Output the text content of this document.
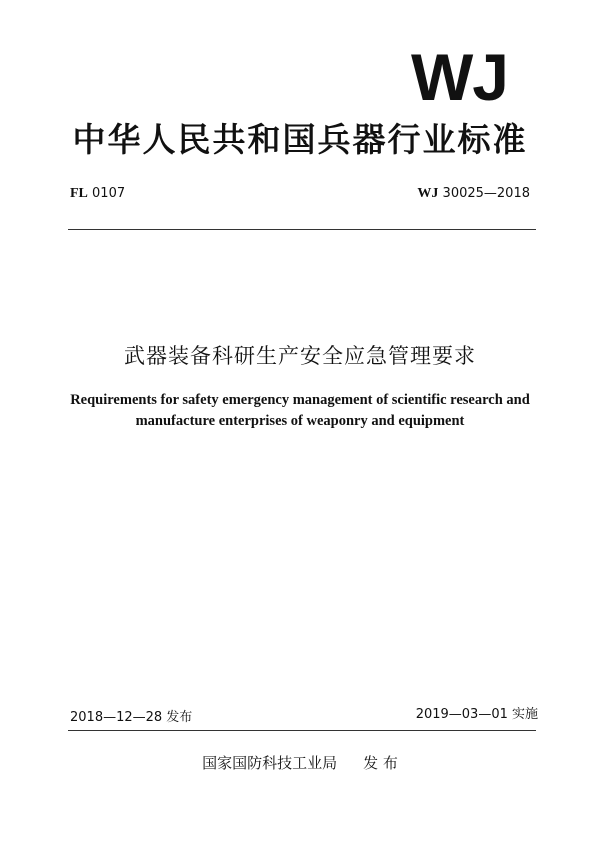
WJ
中华人民共和国兵器行业标准
FL 0107	WJ 30025—2018
武器装备科研生产安全应急管理要求
Requirements for safety emergency management of scientific research and
manufacture enterprises of weaponry and equipment
2018—12—28 发布	2019—03—01 实施
国家国防科技工业局 发 布
